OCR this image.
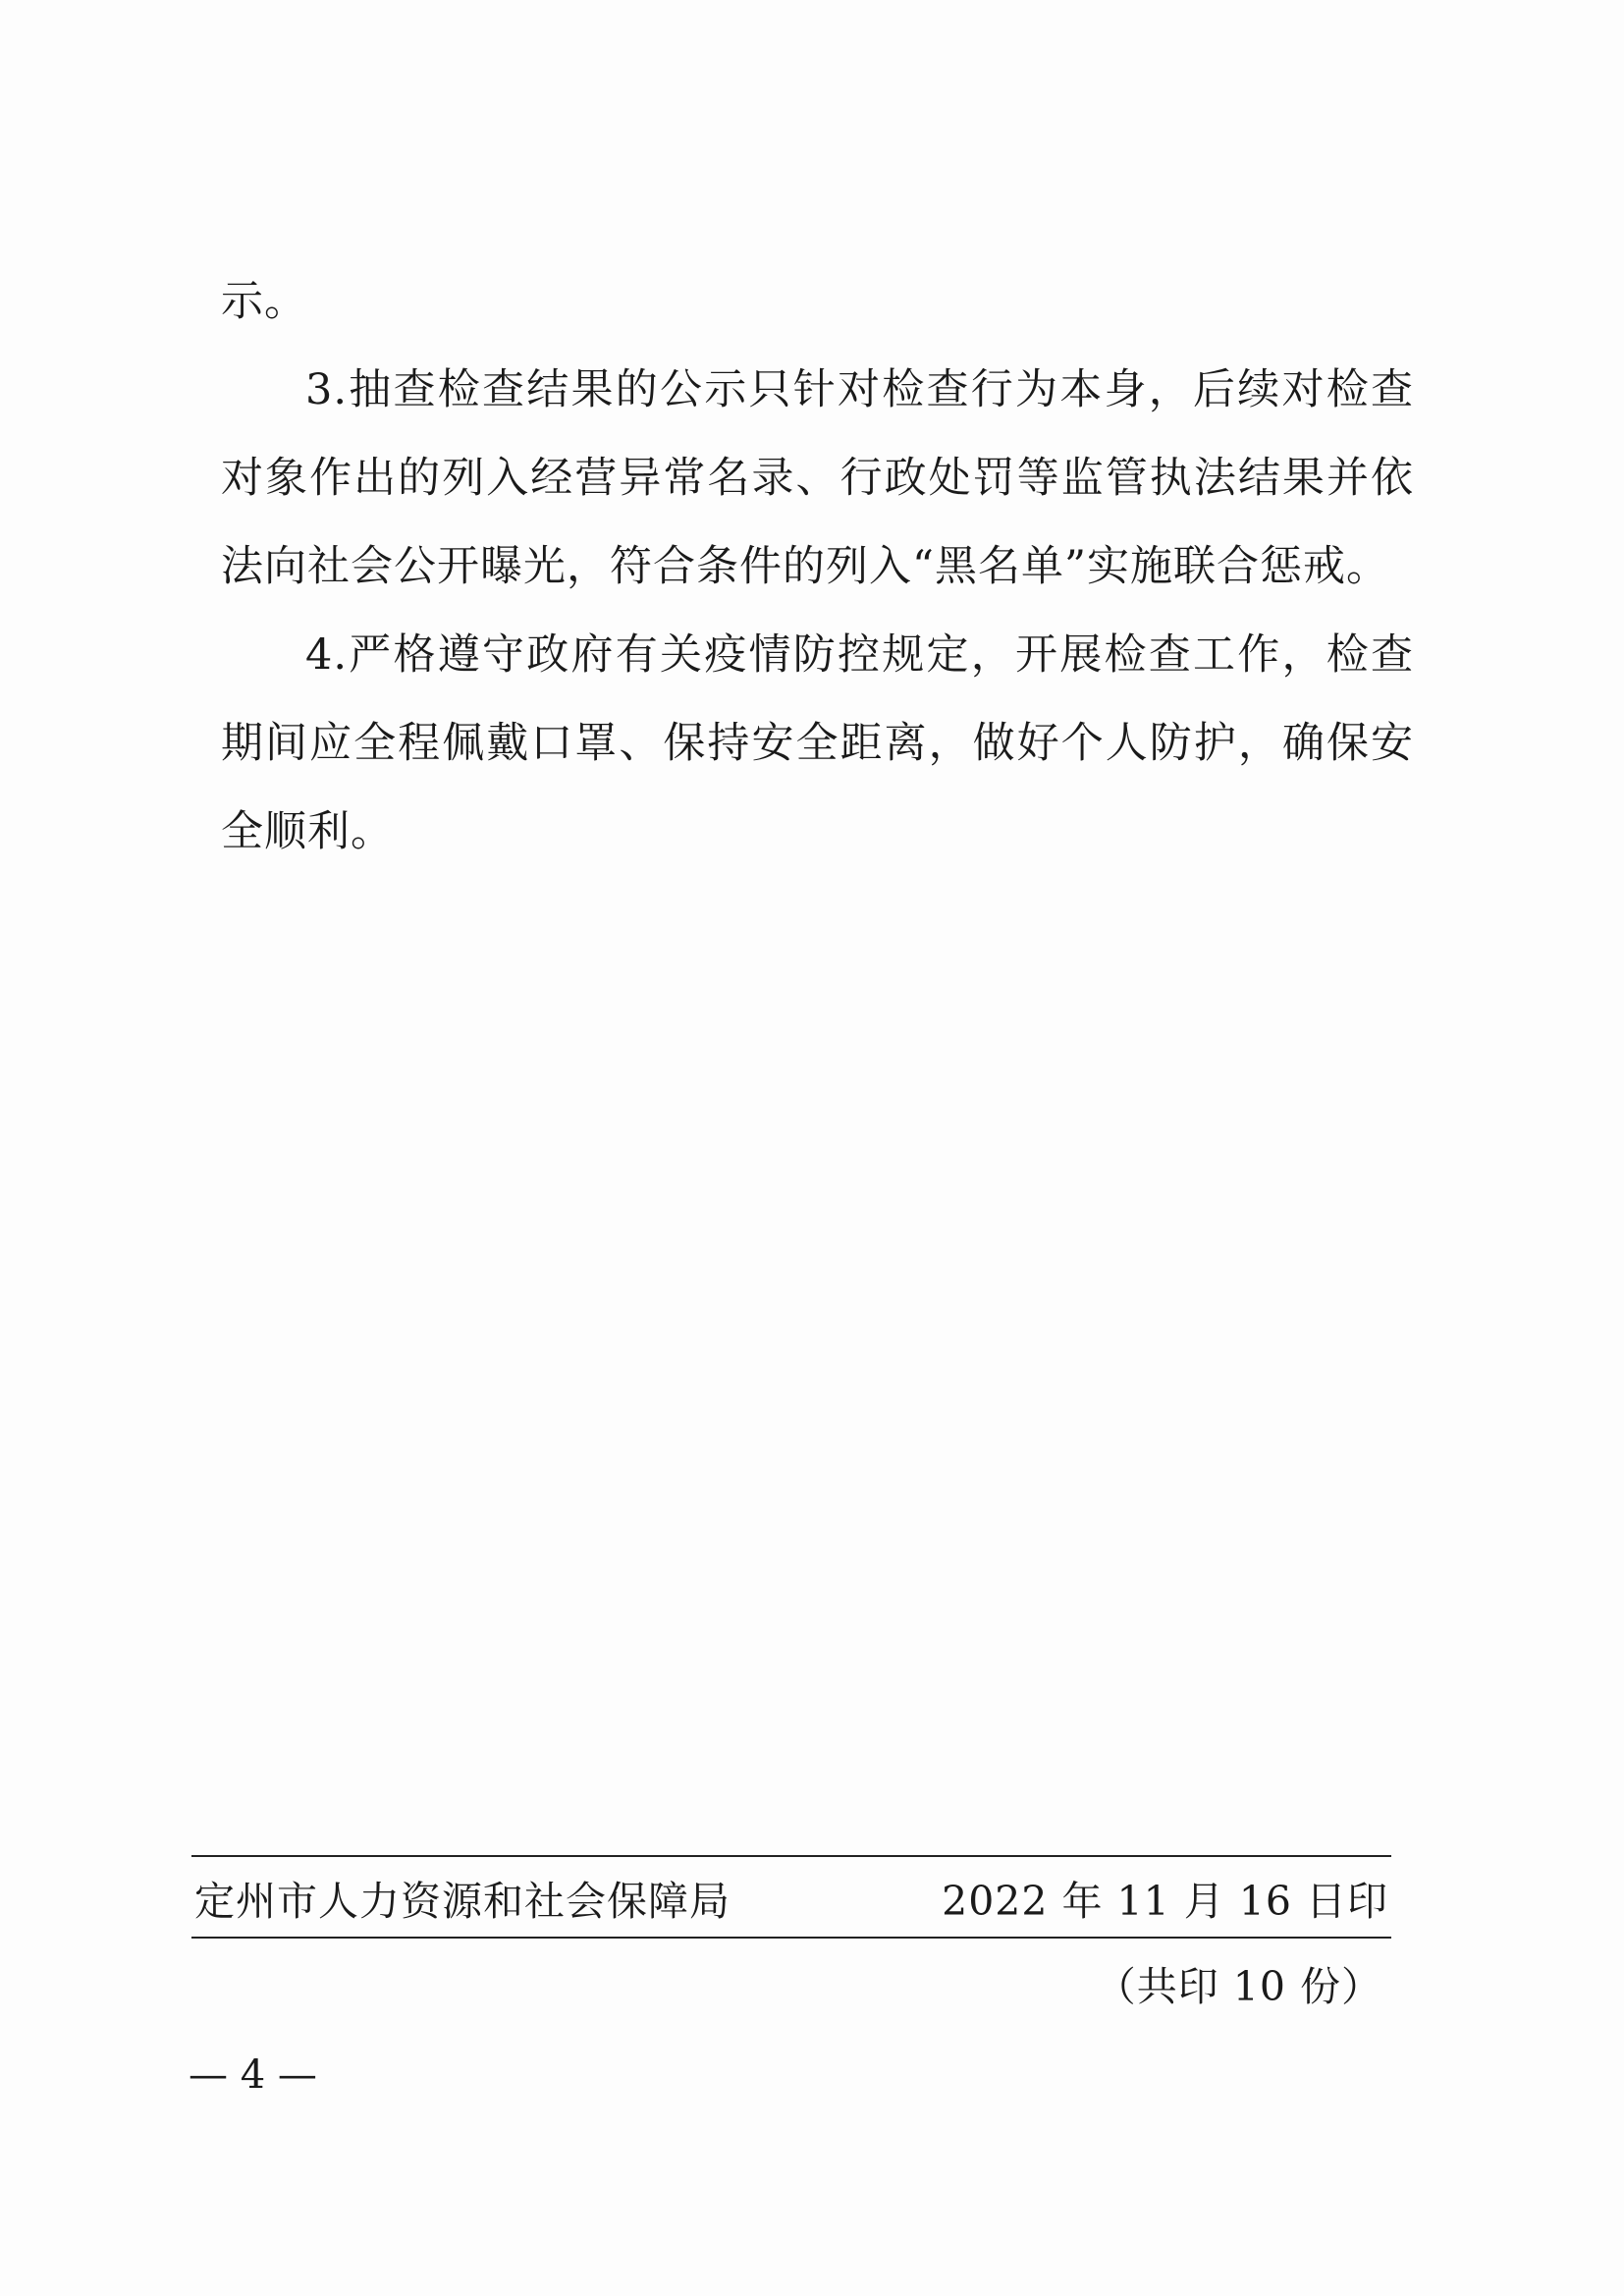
示。

3.抽查检查结果的公示只针对检查行为本身，后续对检查对象作出的列入经营异常名录、行政处罚等监管执法结果并依法向社会公开曝光，符合条件的列入“黑名单”实施联合惩戒。

4.严格遵守政府有关疫情防控规定，开展检查工作，检查期间应全程佩戴口罩、保持安全距离，做好个人防护，确保安全顺利。

定州市人力资源和社会保障局	2022 年 11 月 16 日印
（共印 10 份）
— 4 —
